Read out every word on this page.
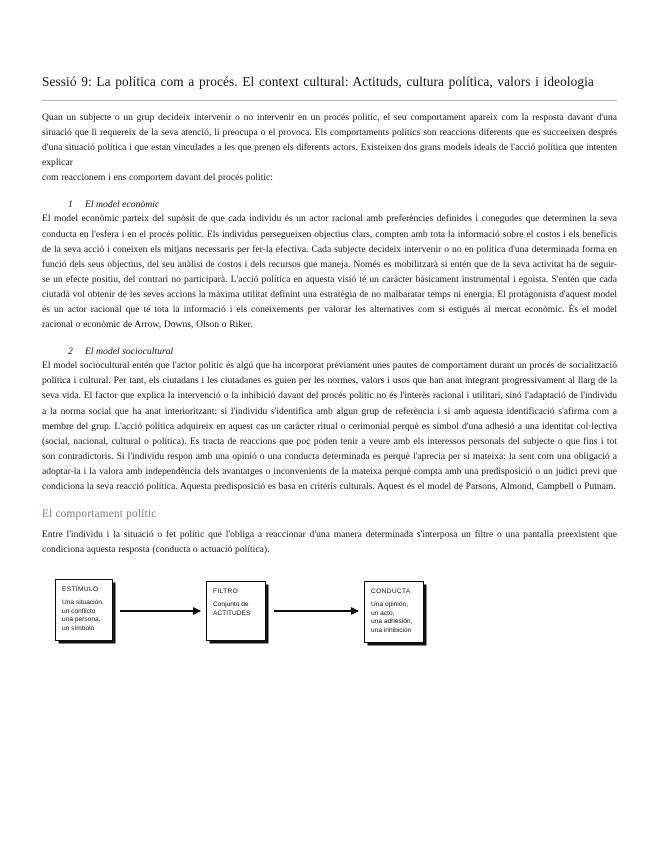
Sessió 9: La política com a procés. El context cultural: Actituds, cultura política, valors i ideologia

Quan un subjecte o un grup decideix intervenir o no intervenir en un procés polític, el seu comportament apareix com la resposta davant d'una situació que li requereix de la seva atenció, li preocupa o el provoca. Els comportaments polítics son reaccions diferents que es succeeixen després d'una situació política i que estan vinculades a les que prenen els diferents actors. Existeixen dos grans models ideals de l'acció política que intenten explicar

com reaccionem i ens comportem davant del procés polític:

1 El model econòmic

El model econòmic parteix del supòsit de que cada individu és un actor racional amb preferències definides i conegudes que determinen la seva conducta en l'esfera i en el procés polític. Els individus persegueixen objectius clars, compten amb tota la informació sobre el costos i els beneficis de la seva acció i coneixen els mitjans necessaris per fer-la efectiva. Cada subjecte decideix intervenir o no en política d'una determinada forma en funció dels seus objectius, del seu anàlisi de costos i dels recursos que maneja. Només es mobilitzarà si entén que de la seva activitat ha de seguir-se un efecte positiu, del contrari no participarà. L'acció política en aquesta visió té un caràcter bàsicament instrumental i egoista. S'entén que cada ciutadà vol obtenir de les seves accions la màxima utilitat definint una estratègia de no malbaratar temps ni energia. El protagonista d'aquest model és un actor racional que té tota la informació i els coneixements per valorar les alternatives com si estigués al mercat econòmic. És el model racional o econòmic de Arrow, Downs, Olson o Riker.

2 El model sociocultural

El model sociocultural entén que l'actor polític és algú que ha incorporat prèviament unes pautes de comportament durant un procés de socialització política i cultural. Per tant, els ciutadans i les ciutadanes es guien per les normes, valors i usos que han anat integrant progressivament al llarg de la seva vida. El factor que explica la intervenció o la inhibició davant del procés polític no és l'interès racional i utilitari, sinó l'adaptació de l'individu a la norma social que ha anat interioritzant: si l'individu s'identifica amb algun grup de referència i si amb aquesta identificació s'afirma com a membre del grup. L'acció política adquireix en aquest cas un caràcter ritual o cerimonial perquè es símbol d'una adhesió a una identitat col·lectiva (social, nacional, cultural o política). Es tracta de reaccions que poc poden tenir a veure amb els interessos personals del subjecte o que fins i tot son contradictoris. Si l'individu respon amb una opinió o una conducta determinada es perquè l'aprecia per si mateixa: la sent com una obligació a adoptar-la i la valora amb independència dels avantatges o inconvenients de la mateixa perquè compta amb una predisposició o un judici previ que condiciona la seva reacció política. Aquesta predisposició es basa en criteris culturals. Aquest és el model de Parsons, Almond, Campbell o Putnam.

El comportament polític

Entre l'individu i la situació o fet polític que l'obliga a reaccionar d'una manera determinada s'interposa un filtre o una pantalla preexistent que condiciona aquesta resposta (conducta o actuació política).

ESTÍMULO
Una situación,
un conflicto
una persona,
un símbolo
FILTRO
Conjunto de
ACTITUDES
CONDUCTA
Una opinión,
un acto,
una adhesión,
una inhibición
